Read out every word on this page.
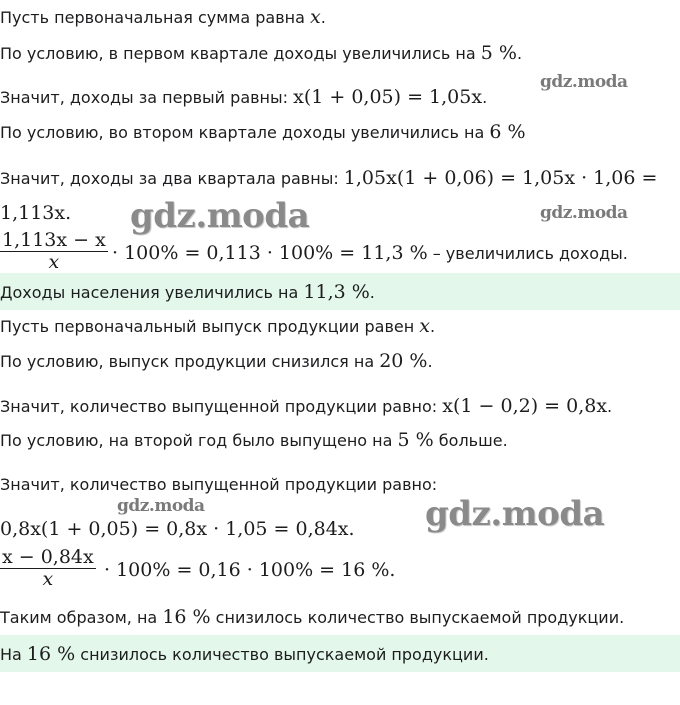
gdz.moda
gdz.moda	gdz.moda
gdz.moda	gdz.moda
Пусть первоначальная сумма равна x.
По условию, в первом квартале доходы увеличились на 5 %.
Значит, доходы за первый равны: x(1 + 0,05) = 1,05x.
По условию, во втором квартале доходы увеличились на 6 %
Значит, доходы за два квартала равны: 1,05x(1 + 0,06) = 1,05x · 1,06 =
1,113x.
$\frac{1,113x - x}{x} \cdot 100\% = 0,113 \cdot 100\% = 11,3$ % – увеличились доходы.
Доходы населения увеличились на 11,3 %.
Пусть первоначальный выпуск продукции равен x.
По условию, выпуск продукции снизился на 20 %.
Значит, количество выпущенной продукции равно: x(1 − 0,2) = 0,8x.
По условию, на второй год было выпущено на 5 % больше.
Значит, количество выпущенной продукции равно:
0,8x(1 + 0,05) = 0,8x · 1,05 = 0,84x.
$\frac{x - 0,84x}{x} \cdot 100\% = 0,16 \cdot 100\% = 16$ %.
Таким образом, на 16 % снизилось количество выпускаемой продукции.
На 16 % снизилось количество выпускаемой продукции.
